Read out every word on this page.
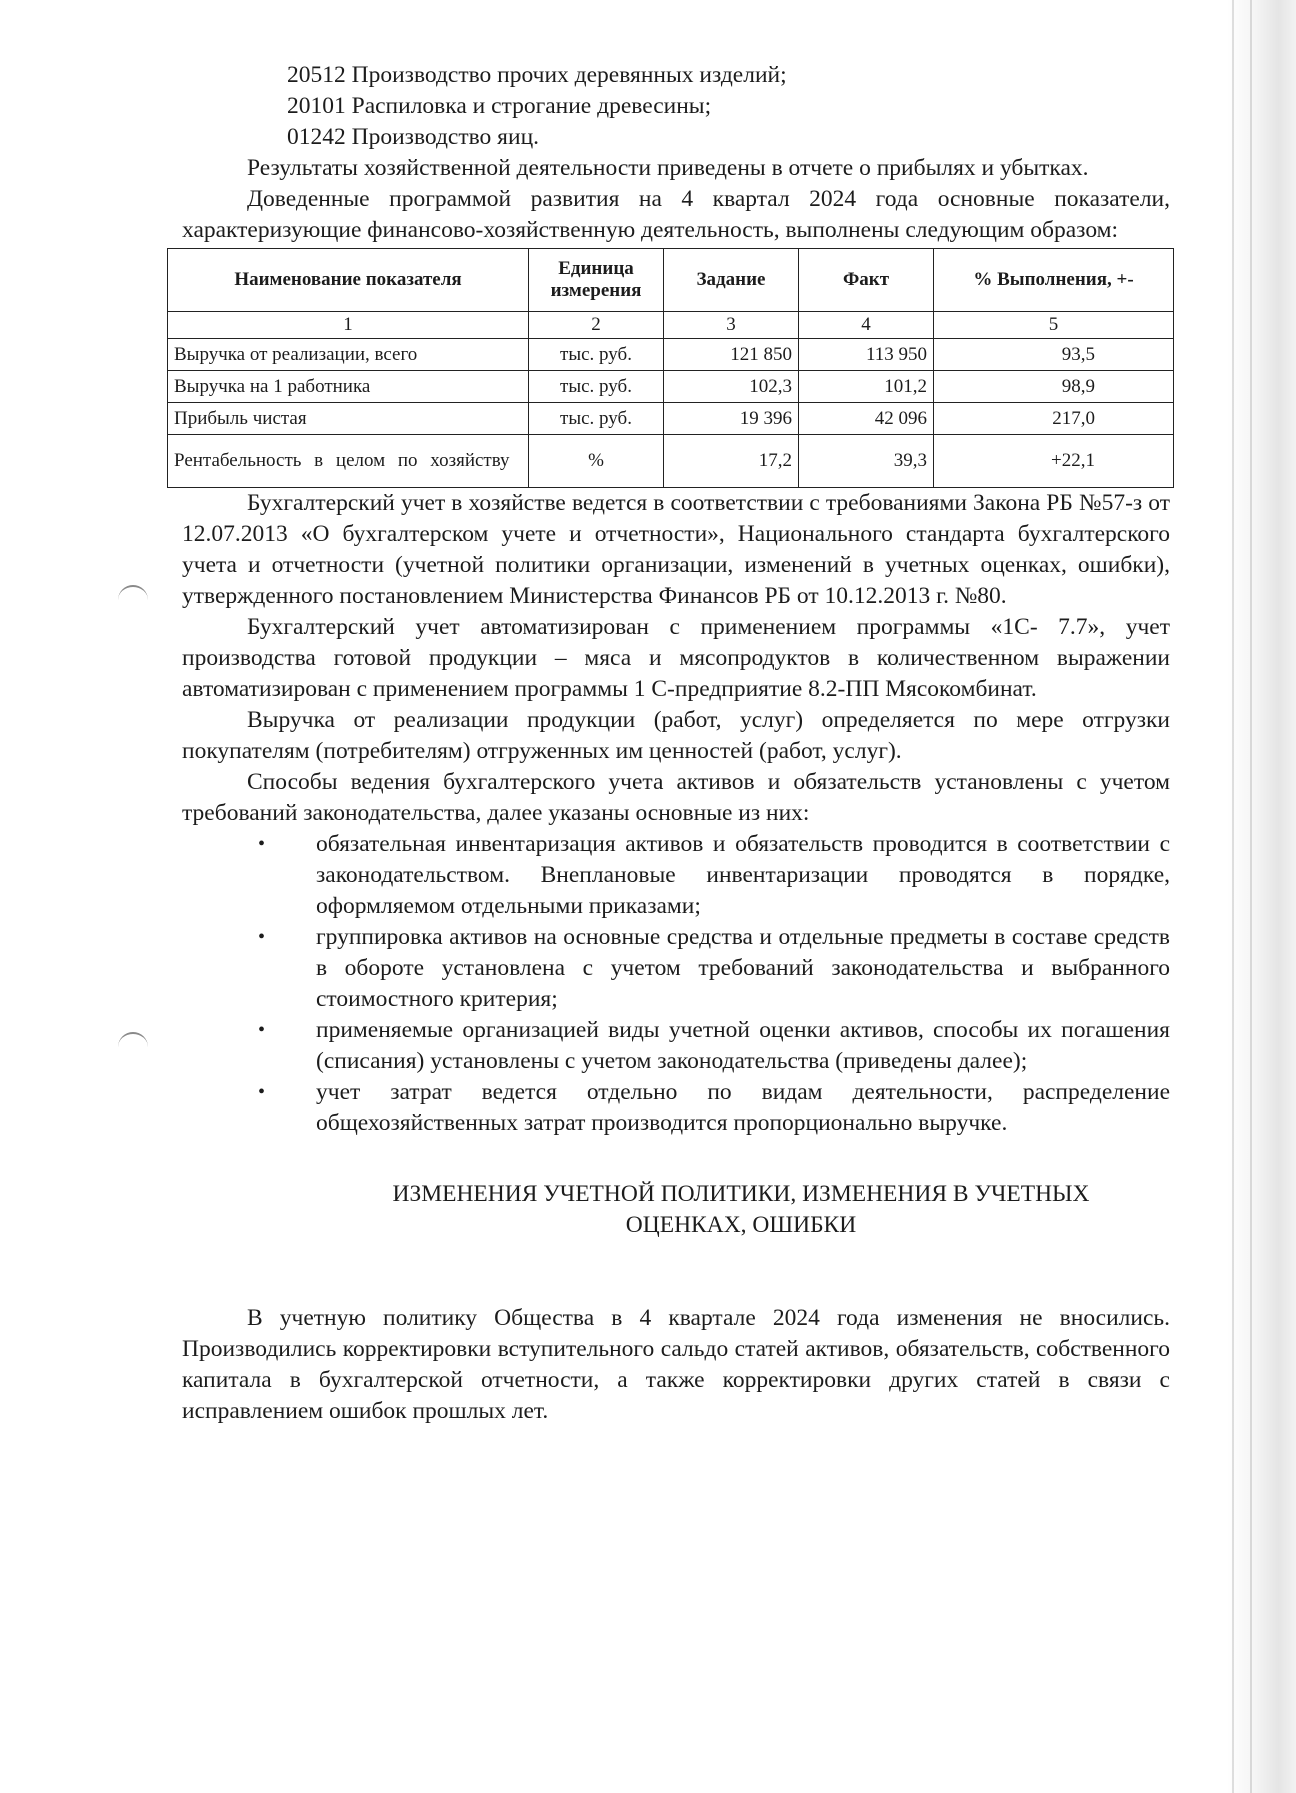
20512 Производство прочих деревянных изделий;

20101 Распиловка и строгание древесины;

01242 Производство яиц.

Результаты хозяйственной деятельности приведены в отчете о прибылях и убытках.

Доведенные программой развития на 4 квартал 2024 года основные показатели, характеризующие финансово-хозяйственную деятельность, выполнены следующим образом:

Наименование показателя	Единица измерения	Задание	Факт	% Выполнения, +-
1	2	3	4	5
Выручка от реализации, всего	тыс. руб.	121 850	113 950	93,5
Выручка на 1 работника	тыс. руб.	102,3	101,2	98,9
Прибыль чистая	тыс. руб.	19 396	42 096	217,0
Рентабельность в целом по хозяйству	%	17,2	39,3	+22,1

Бухгалтерский учет в хозяйстве ведется в соответствии с требованиями Закона РБ №57-з от 12.07.2013 «О бухгалтерском учете и отчетности», Национального стандарта бухгалтерского учета и отчетности (учетной политики организации, изменений в учетных оценках, ошибки), утвержденного постановлением Министерства Финансов РБ от 10.12.2013 г. №80.

Бухгалтерский учет автоматизирован с применением программы «1С- 7.7», учет производства готовой продукции – мяса и мясопродуктов в количественном выражении автоматизирован с применением программы 1 С-предприятие 8.2-ПП Мясокомбинат.

Выручка от реализации продукции (работ, услуг) определяется по мере отгрузки покупателям (потребителям) отгруженных им ценностей (работ, услуг).

Способы ведения бухгалтерского учета активов и обязательств установлены с учетом требований законодательства, далее указаны основные из них:

• обязательная инвентаризация активов и обязательств проводится в соответствии с законодательством. Внеплановые инвентаризации проводятся в порядке, оформляемом отдельными приказами;
• группировка активов на основные средства и отдельные предметы в составе средств в обороте установлена с учетом требований законодательства и выбранного стоимостного критерия;
• применяемые организацией виды учетной оценки активов, способы их погашения (списания) установлены с учетом законодательства (приведены далее);
• учет затрат ведется отдельно по видам деятельности, распределение общехозяйственных затрат производится пропорционально выручке.
ИЗМЕНЕНИЯ УЧЕТНОЙ ПОЛИТИКИ, ИЗМЕНЕНИЯ В УЧЕТНЫХ
ОЦЕНКАХ, ОШИБКИ

В учетную политику Общества в 4 квартале 2024 года изменения не вносились. Производились корректировки вступительного сальдо статей активов, обязательств, собственного капитала в бухгалтерской отчетности, а также корректировки других статей в связи с исправлением ошибок прошлых лет.
